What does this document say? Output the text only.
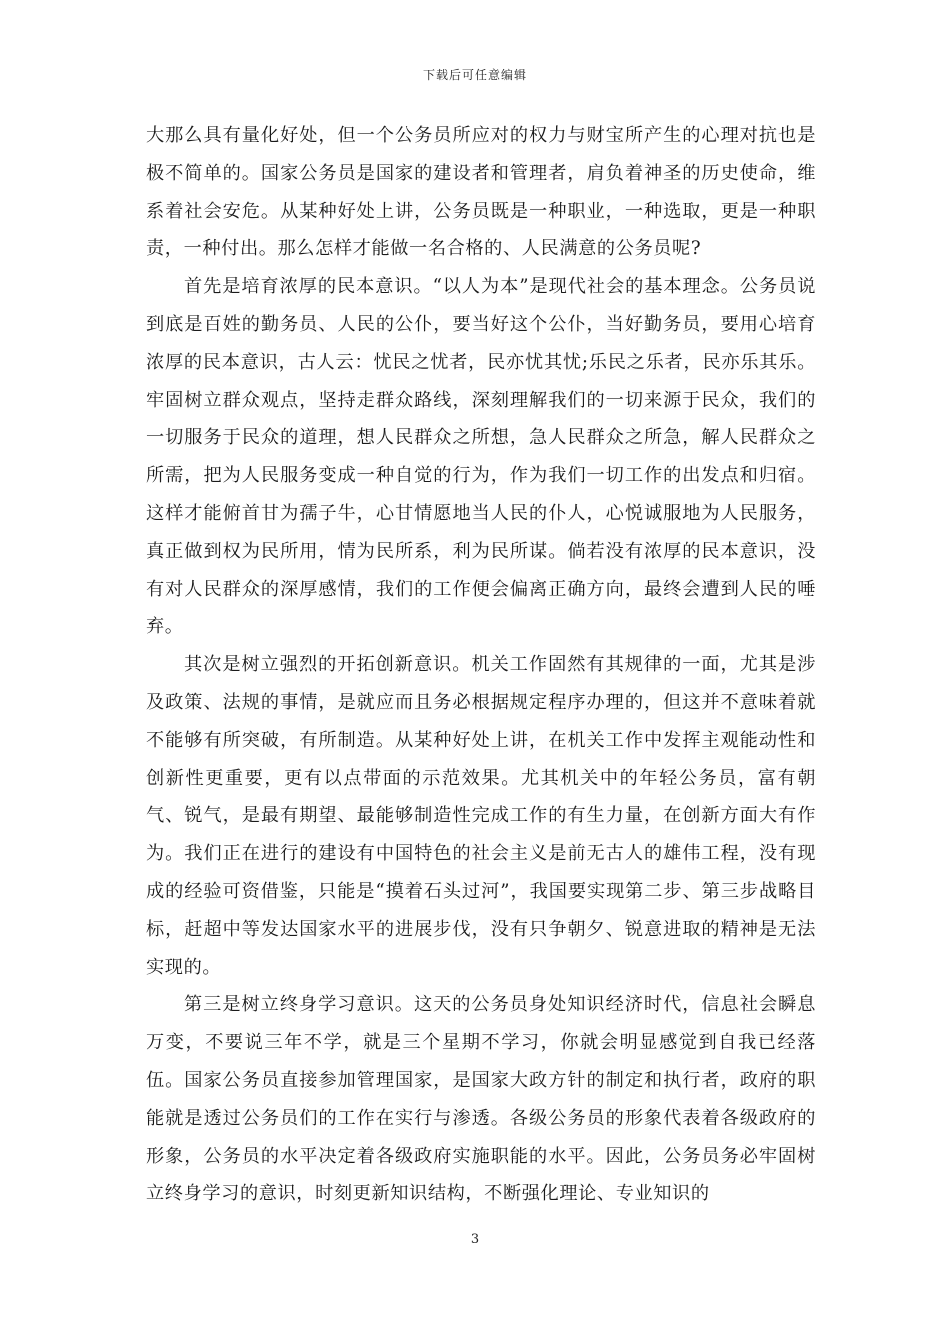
下载后可任意编辑

大那么具有量化好处，但一个公务员所应对的权力与财宝所产生的心理对抗也是极不简单的。国家公务员是国家的建设者和管理者，肩负着神圣的历史使命，维系着社会安危。从某种好处上讲，公务员既是一种职业，一种选取，更是一种职责，一种付出。那么怎样才能做一名合格的、人民满意的公务员呢?

首先是培育浓厚的民本意识。“以人为本”是现代社会的基本理念。公务员说到底是百姓的勤务员、人民的公仆，要当好这个公仆，当好勤务员，要用心培育浓厚的民本意识，古人云：忧民之忧者，民亦忧其忧;乐民之乐者，民亦乐其乐。牢固树立群众观点，坚持走群众路线，深刻理解我们的一切来源于民众，我们的一切服务于民众的道理，想人民群众之所想，急人民群众之所急，解人民群众之所需，把为人民服务变成一种自觉的行为，作为我们一切工作的出发点和归宿。这样才能俯首甘为孺子牛，心甘情愿地当人民的仆人，心悦诚服地为人民服务，真正做到权为民所用，情为民所系，利为民所谋。倘若没有浓厚的民本意识，没有对人民群众的深厚感情，我们的工作便会偏离正确方向，最终会遭到人民的唾弃。

其次是树立强烈的开拓创新意识。机关工作固然有其规律的一面，尤其是涉及政策、法规的事情，是就应而且务必根据规定程序办理的，但这并不意味着就不能够有所突破，有所制造。从某种好处上讲，在机关工作中发挥主观能动性和创新性更重要，更有以点带面的示范效果。尤其机关中的年轻公务员，富有朝气、锐气，是最有期望、最能够制造性完成工作的有生力量，在创新方面大有作为。我们正在进行的建设有中国特色的社会主义是前无古人的雄伟工程，没有现成的经验可资借鉴，只能是“摸着石头过河”，我国要实现第二步、第三步战略目标，赶超中等发达国家水平的进展步伐，没有只争朝夕、锐意进取的精神是无法实现的。

第三是树立终身学习意识。这天的公务员身处知识经济时代，信息社会瞬息万变，不要说三年不学，就是三个星期不学习，你就会明显感觉到自我已经落伍。国家公务员直接参加管理国家，是国家大政方针的制定和执行者，政府的职能就是透过公务员们的工作在实行与渗透。各级公务员的形象代表着各级政府的形象，公务员的水平决定着各级政府实施职能的水平。因此，公务员务必牢固树立终身学习的意识，时刻更新知识结构，不断强化理论、专业知识的

3
